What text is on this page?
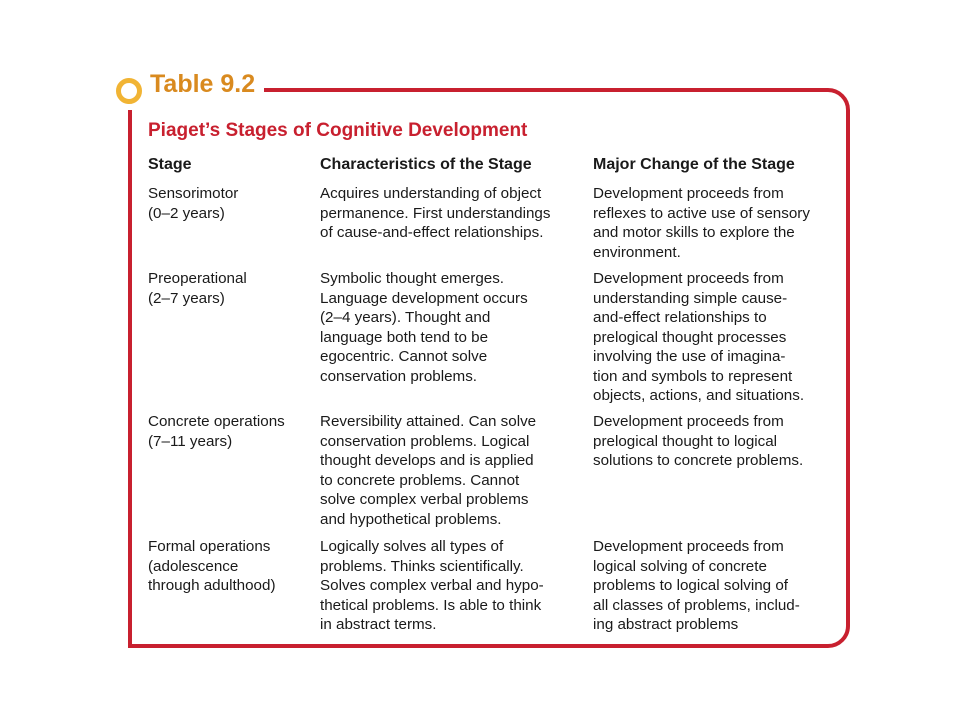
Table 9.2
Piaget’s Stages of Cognitive Development
Stage	Characteristics of the Stage	Major Change of the Stage
Sensorimotor
(0–2 years)
Acquires understanding of object
permanence. First understandings
of cause-and-effect relationships.
Development proceeds from
reflexes to active use of sensory
and motor skills to explore the
environment.
Preoperational
(2–7 years)
Symbolic thought emerges.
Language development occurs
(2–4 years). Thought and
language both tend to be
egocentric. Cannot solve
conservation problems.
Development proceeds from
understanding simple cause-
and-effect relationships to
prelogical thought processes
involving the use of imagina-
tion and symbols to represent
objects, actions, and situations.
Concrete operations
(7–11 years)
Reversibility attained. Can solve
conservation problems. Logical
thought develops and is applied
to concrete problems. Cannot
solve complex verbal problems
and hypothetical problems.
Development proceeds from
prelogical thought to logical
solutions to concrete problems.
Formal operations
(adolescence
through adulthood)
Logically solves all types of
problems. Thinks scientifically.
Solves complex verbal and hypo-
thetical problems. Is able to think
in abstract terms.
Development proceeds from
logical solving of concrete
problems to logical solving of
all classes of problems, includ-
ing abstract problems
